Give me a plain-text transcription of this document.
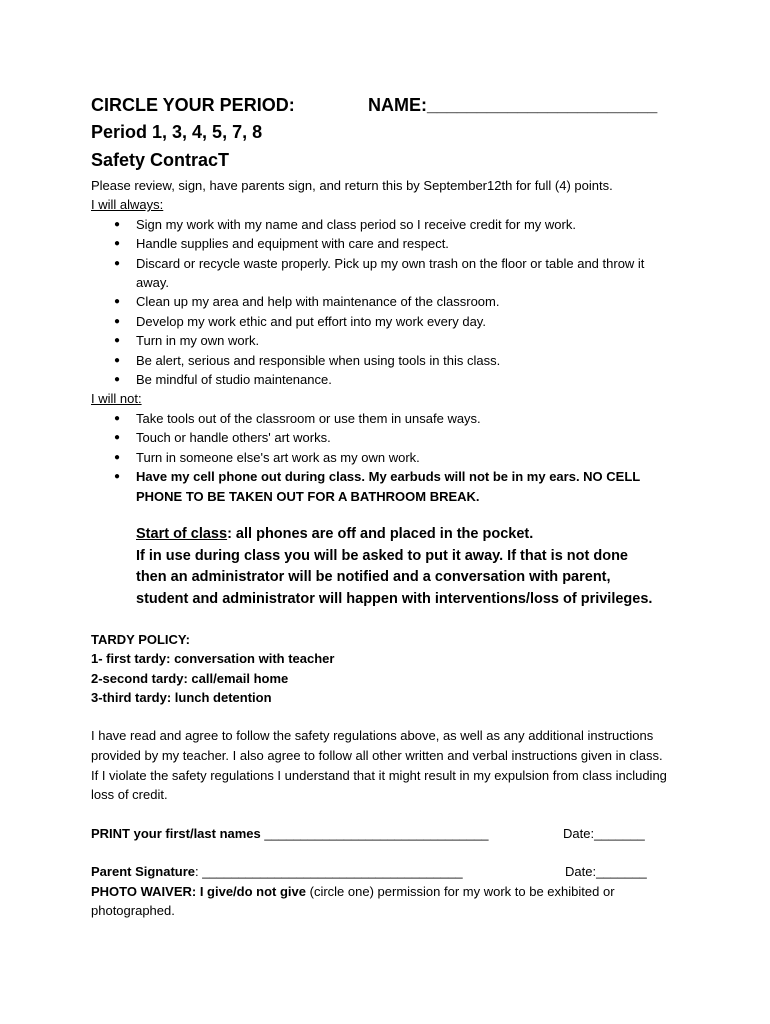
CIRCLE YOUR PERIOD:	NAME:_______________________
Period 1, 3, 4, 5, 7, 8
Safety ContracT
Please review, sign, have parents sign, and return this by September12th for full (4) points.
I will always:
● Sign my work with my name and class period so I receive credit for my work.
● Handle supplies and equipment with care and respect.
● Discard or recycle waste properly. Pick up my own trash on the floor or table and throw it away.
● Clean up my area and help with maintenance of the classroom.
● Develop my work ethic and put effort into my work every day.
● Turn in my own work.
● Be alert, serious and responsible when using tools in this class.
● Be mindful of studio maintenance.
I will not:
● Take tools out of the classroom or use them in unsafe ways.
● Touch or handle others' art works.
● Turn in someone else's art work as my own work.
● Have my cell phone out during class. My earbuds will not be in my ears. NO CELL PHONE TO BE TAKEN OUT FOR A BATHROOM BREAK.
Start of class: all phones are off and placed in the pocket.
If in use during class you will be asked to put it away. If that is not done
then an administrator will be notified and a conversation with parent,
student and administrator will happen with interventions/loss of privileges.
TARDY POLICY:
1- first tardy: conversation with teacher
2-second tardy: call/email home
3-third tardy: lunch detention
I have read and agree to follow the safety regulations above, as well as any additional instructions provided by my teacher. I also agree to follow all other written and verbal instructions given in class. If I violate the safety regulations I understand that it might result in my expulsion from class including loss of credit.
PRINT your first/last names _______________________________	Date:_______
Parent Signature: ____________________________________	Date:_______
PHOTO WAIVER: I give/do not give (circle one) permission for my work to be exhibited or photographed.
